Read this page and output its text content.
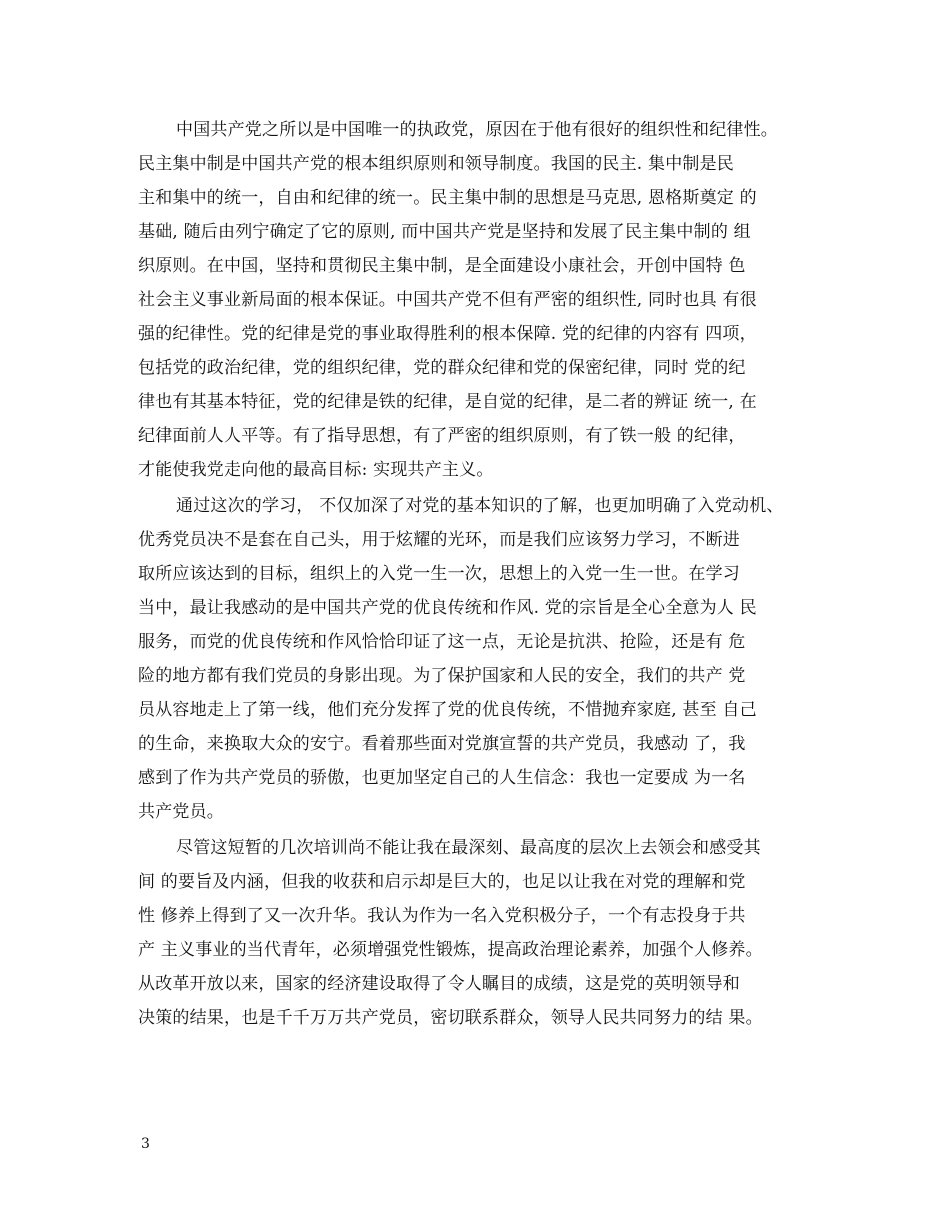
中国共产党之所以是中国唯一的执政党，原因在于他有很好的组织性和纪律性。
民主集中制是中国共产党的根本组织原则和领导制度。我国的民主. 集中制是民
主和集中的统一，自由和纪律的统一。民主集中制的思想是马克思, 恩格斯奠定 的
基础, 随后由列宁确定了它的原则, 而中国共产党是坚持和发展了民主集中制的 组
织原则。在中国，坚持和贯彻民主集中制，是全面建设小康社会，开创中国特 色
社会主义事业新局面的根本保证。中国共产党不但有严密的组织性, 同时也具 有很
强的纪律性。党的纪律是党的事业取得胜利的根本保障. 党的纪律的内容有 四项，
包括党的政治纪律，党的组织纪律，党的群众纪律和党的保密纪律，同时 党的纪
律也有其基本特征，党的纪律是铁的纪律，是自觉的纪律，是二者的辨证 统一, 在
纪律面前人人平等。有了指导思想，有了严密的组织原则，有了铁一般 的纪律，
才能使我党走向他的最高目标: 实现共产主义。
通过这次的学习， 不仅加深了对党的基本知识的了解，也更加明确了入党动机、
优秀党员决不是套在自己头，用于炫耀的光环，而是我们应该努力学习，不断进
取所应该达到的目标，组织上的入党一生一次，思想上的入党一生一世。在学习
当中，最让我感动的是中国共产党的优良传统和作风. 党的宗旨是全心全意为人 民
服务，而党的优良传统和作风恰恰印证了这一点，无论是抗洪、抢险，还是有 危
险的地方都有我们党员的身影出现。为了保护国家和人民的安全，我们的共产 党
员从容地走上了第一线，他们充分发挥了党的优良传统，不惜抛弃家庭, 甚至 自己
的生命，来换取大众的安宁。看着那些面对党旗宣誓的共产党员，我感动 了，我
感到了作为共产党员的骄傲，也更加坚定自己的人生信念：我也一定要成 为一名
共产党员。
尽管这短暂的几次培训尚不能让我在最深刻、最高度的层次上去领会和感受其
间 的要旨及内涵，但我的收获和启示却是巨大的，也足以让我在对党的理解和党
性 修养上得到了又一次升华。我认为作为一名入党积极分子，一个有志投身于共
产 主义事业的当代青年，必须增强党性锻炼，提高政治理论素养，加强个人修养。
从改革开放以来，国家的经济建设取得了令人瞩目的成绩，这是党的英明领导和
决策的结果，也是千千万万共产党员，密切联系群众，领导人民共同努力的结 果。
3
